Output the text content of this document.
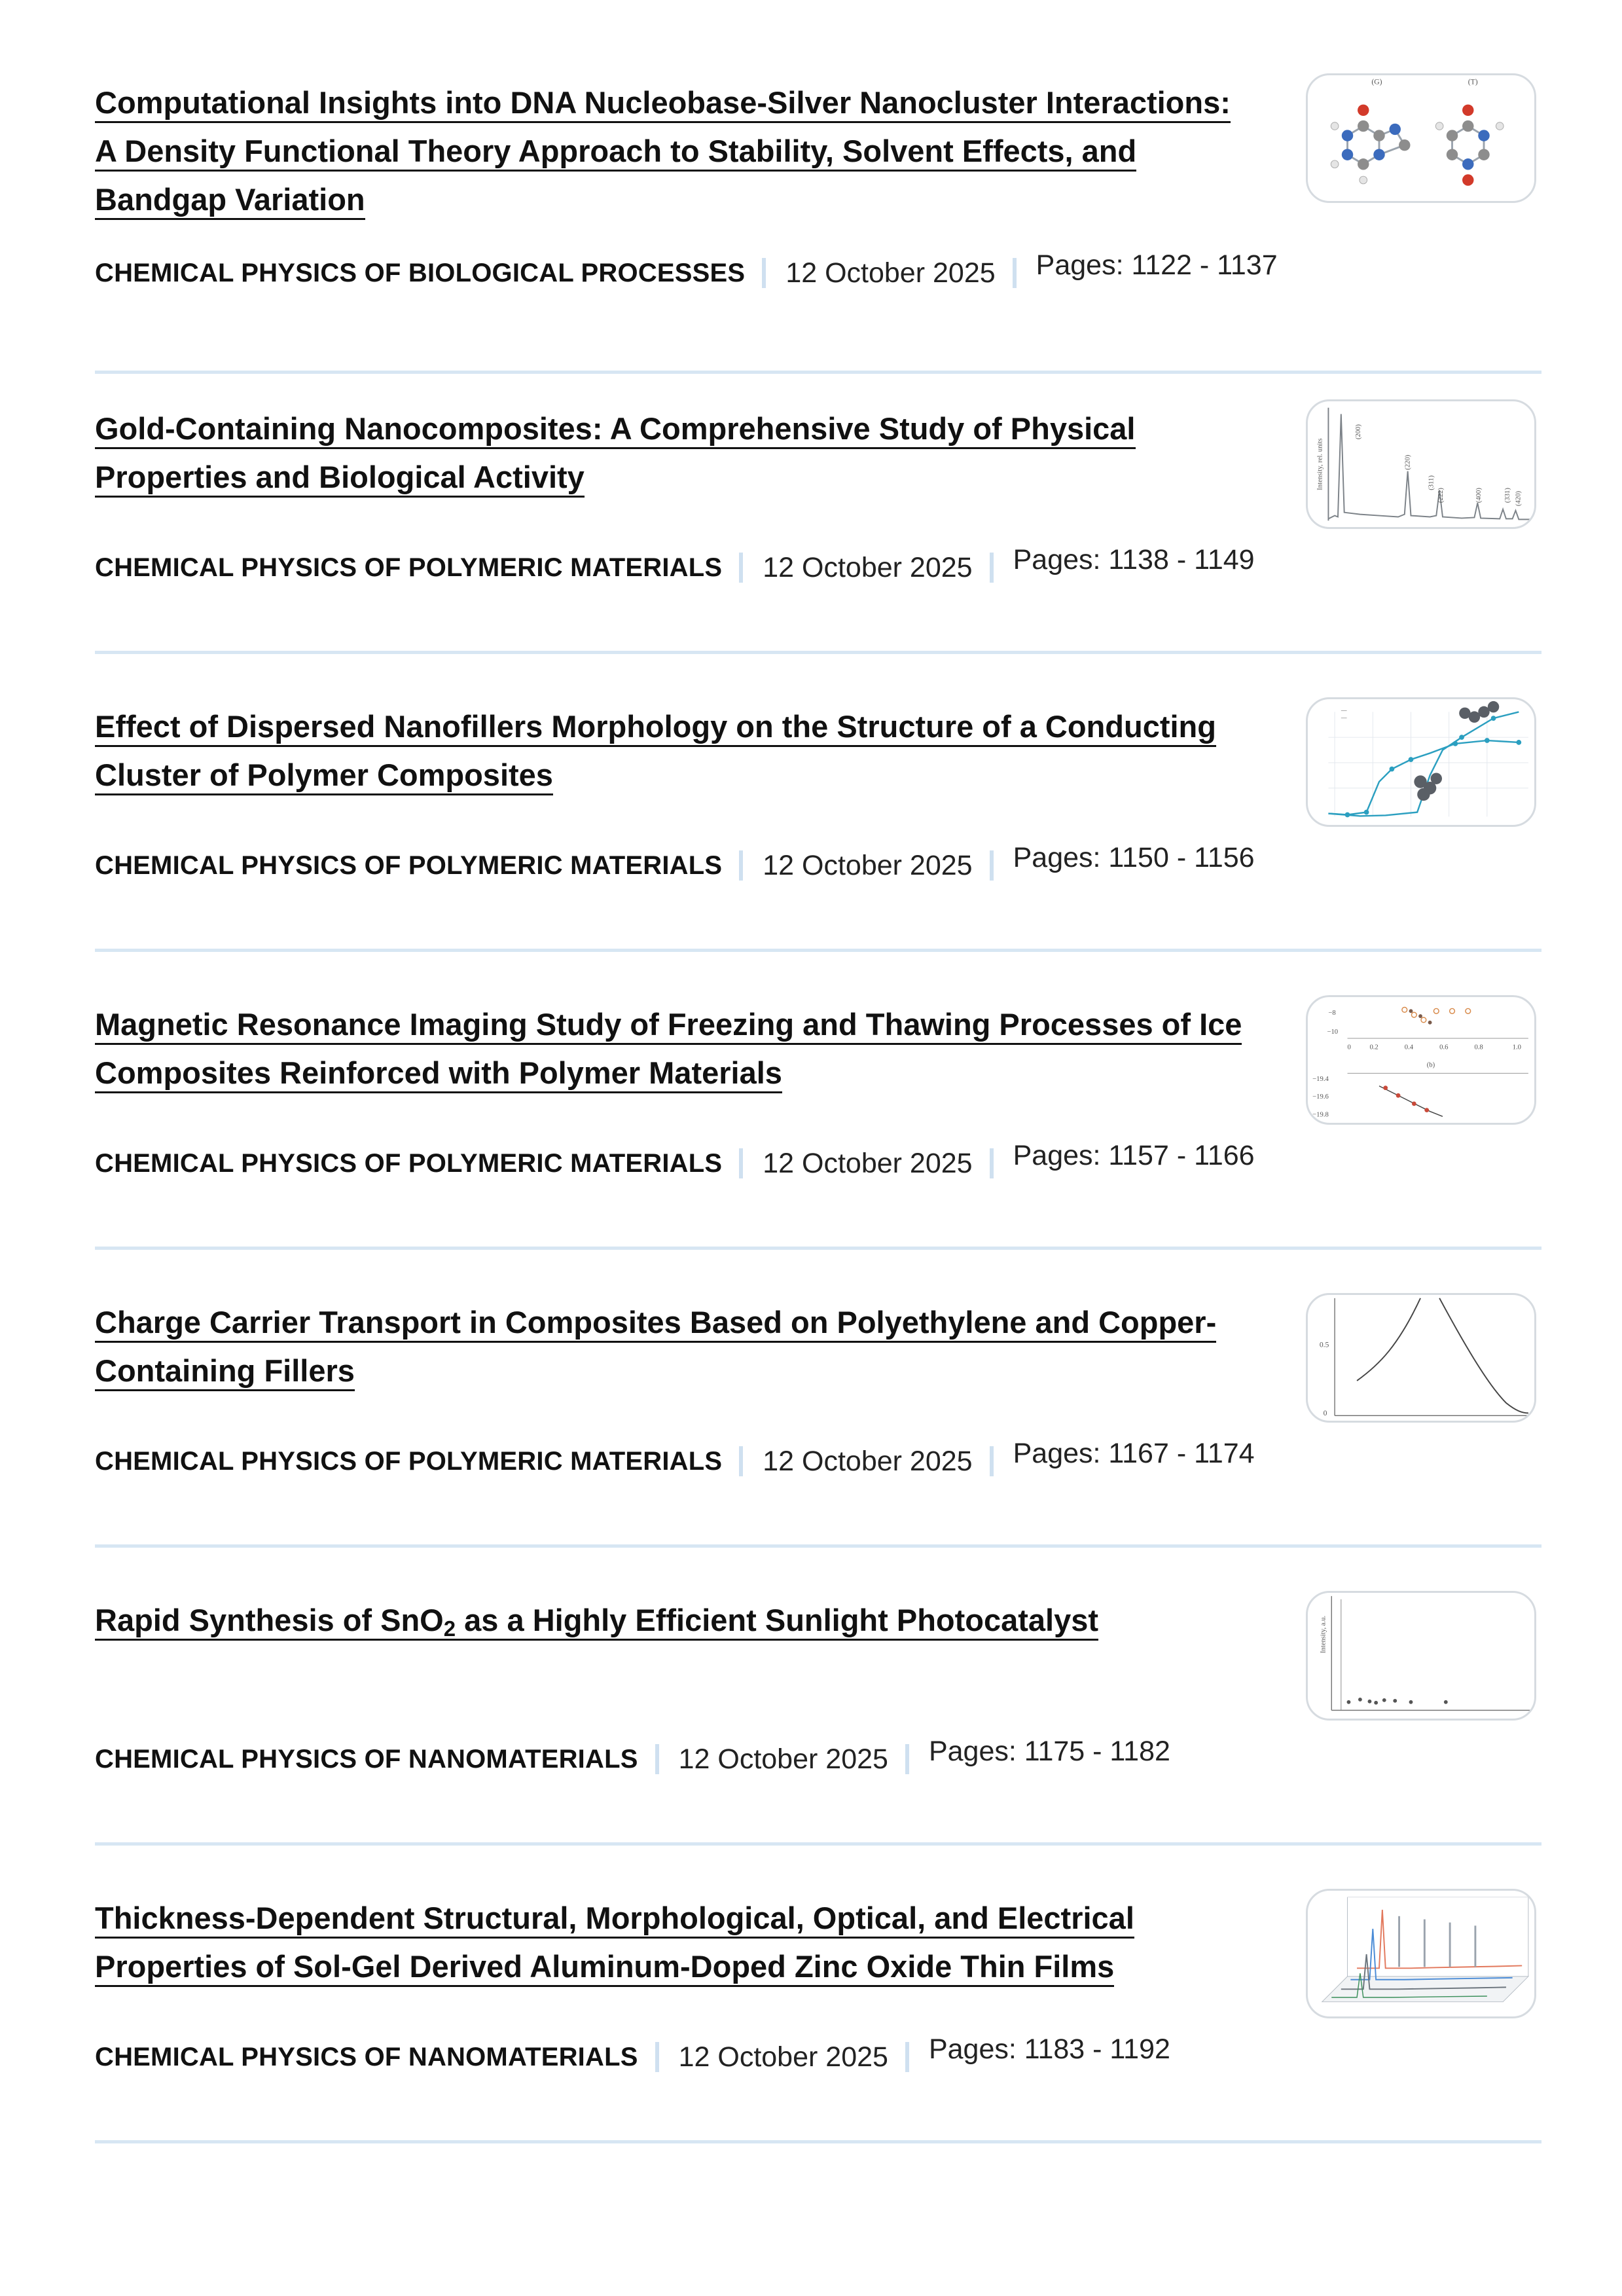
Computational Insights into DNA Nucleobase-Silver Nanocluster Interactions: A Density Functional Theory Approach to Stability, Solvent Effects, and Bandgap Variation
(G)	(T)
CHEMICAL PHYSICS OF BIOLOGICAL PROCESSES 12 October 2025 Pages: 1122 - 1137
Gold-Containing Nanocomposites: A Comprehensive Study of Physical Properties and Biological Activity	Intensity, rel. units
(200)
(220)
(311)
(222)	(400)	(331) (420)
CHEMICAL PHYSICS OF POLYMERIC MATERIALS 12 October 2025 Pages: 1138 - 1149
Effect of Dispersed Nanofillers Morphology on the Structure of a Conducting Cluster of Polymer Composites
—
—
CHEMICAL PHYSICS OF POLYMERIC MATERIALS 12 October 2025 Pages: 1150 - 1156
Magnetic Resonance Imaging Study of Freezing and Thawing Processes of Ice Composites Reinforced with Polymer Materials
−8
−10
0	0.2	0.4	0.6	0.8	1.0
(b)
−19.4
−19.6
−19.8
CHEMICAL PHYSICS OF POLYMERIC MATERIALS 12 October 2025 Pages: 1157 - 1166
Charge Carrier Transport in Composites Based on Polyethylene and Copper-Containing Fillers
0.5
0
CHEMICAL PHYSICS OF POLYMERIC MATERIALS 12 October 2025 Pages: 1167 - 1174
Rapid Synthesis of SnO$_2$ as a Highly Efficient Sunlight Photocatalyst	Intensity, a.u.
CHEMICAL PHYSICS OF NANOMATERIALS 12 October 2025 Pages: 1175 - 1182
Thickness-Dependent Structural, Morphological, Optical, and Electrical Properties of Sol-Gel Derived Aluminum-Doped Zinc Oxide Thin Films
CHEMICAL PHYSICS OF NANOMATERIALS 12 October 2025 Pages: 1183 - 1192
